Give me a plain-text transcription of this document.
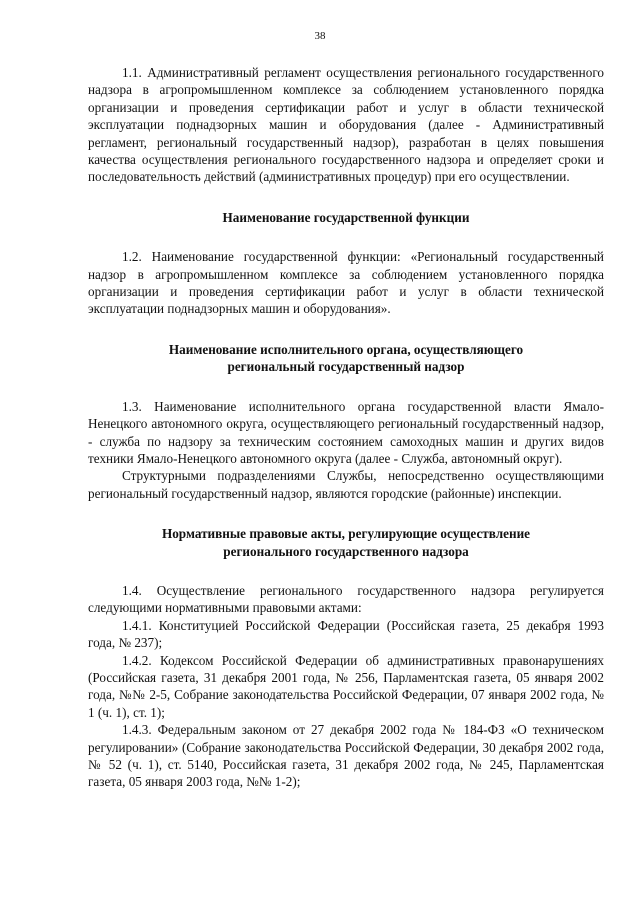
38

1.1. Административный регламент осуществления регионального государственного надзора в агропромышленном комплексе за соблюдением установленного порядка организации и проведения сертификации работ и услуг в области технической эксплуатации поднадзорных машин и оборудования (далее - Административный регламент, региональный государственный надзор), разработан в целях повышения качества осуществления регионального государственного надзора и определяет сроки и последовательность действий (административных процедур) при его осуществлении.

Наименование государственной функции

1.2. Наименование государственной функции: «Региональный государственный надзор в агропромышленном комплексе за соблюдением установленного порядка организации и проведения сертификации работ и услуг в области технической эксплуатации поднадзорных машин и оборудования».

Наименование исполнительного органа, осуществляющего
региональный государственный надзор

1.3. Наименование исполнительного органа государственной власти Ямало-Ненецкого автономного округа, осуществляющего региональный государственный надзор, - служба по надзору за техническим состоянием самоходных машин и других видов техники Ямало-Ненецкого автономного округа (далее - Служба, автономный округ).

Структурными подразделениями Службы, непосредственно осуществляющими региональный государственный надзор, являются городские (районные) инспекции.

Нормативные правовые акты, регулирующие осуществление
регионального государственного надзора

1.4. Осуществление регионального государственного надзора регулируется следующими нормативными правовыми актами:

1.4.1. Конституцией Российской Федерации (Российская газета, 25 декабря 1993 года, № 237);

1.4.2. Кодексом Российской Федерации об административных правонарушениях (Российская газета, 31 декабря 2001 года, № 256, Парламентская газета, 05 января 2002 года, №№ 2-5, Собрание законодательства Российской Федерации, 07 января 2002 года, № 1 (ч. 1), ст. 1);

1.4.3. Федеральным законом от 27 декабря 2002 года № 184-ФЗ «О техническом регулировании» (Собрание законодательства Российской Федерации, 30 декабря 2002 года, № 52 (ч. 1), ст. 5140, Российская газета, 31 декабря 2002 года, № 245, Парламентская газета, 05 января 2003 года, №№ 1-2);
